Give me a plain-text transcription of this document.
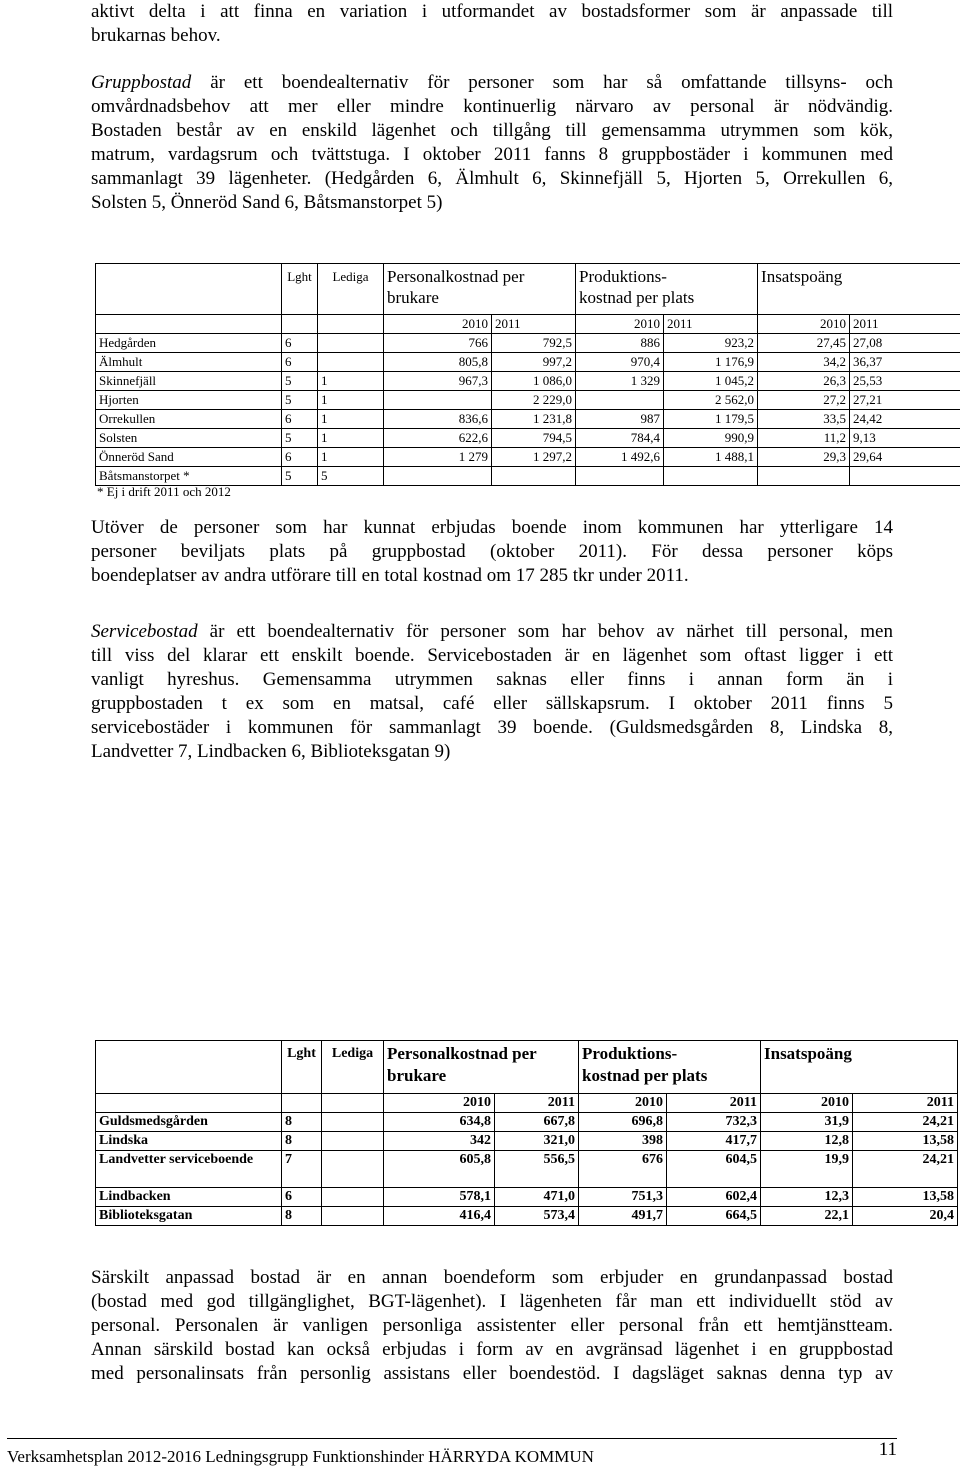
aktivt delta i att finna en variation i utformandet av bostadsformer som är anpassade till
brukarnas behov.
Gruppbostad är ett boendealternativ för personer som har så omfattande tillsyns- och
omvårdnadsbehov att mer eller mindre kontinuerlig närvaro av personal är nödvändig.
Bostaden består av en enskild lägenhet och tillgång till gemensamma utrymmen som kök,
matrum, vardagsrum och tvättstuga. I oktober 2011 fanns 8 gruppbostäder i kommunen med
sammanlagt 39 lägenheter. (Hedgården 6, Älmhult 6, Skinnefjäll 5, Hjorten 5, Orrekullen 6,
Solsten 5, Önneröd Sand 6, Båtsmanstorpet 5)
	Lght	Lediga	Personalkostnad per
brukare		Produktions-
kostnad per plats		Insatspoäng	
			2010	2011	2010	2011	2010	2011
Hedgården	6		766	792,5	886	923,2	27,45	27,08
Älmhult	6		805,8	997,2	970,4	1 176,9	34,2	36,37
Skinnefjäll	5	1	967,3	1 086,0	1 329	1 045,2	26,3	25,53
Hjorten	5	1		2 229,0		2 562,0	27,2	27,21
Orrekullen	6	1	836,6	1 231,8	987	1 179,5	33,5	24,42
Solsten	5	1	622,6	794,5	784,4	990,9	11,2	9,13
Önneröd Sand	6	1	1 279	1 297,2	1 492,6	1 488,1	29,3	29,64
Båtsmanstorpet *	5	5						
* Ej i drift 2011 och 2012
Utöver de personer som har kunnat erbjudas boende inom kommunen har ytterligare 14
personer beviljats plats på gruppbostad (oktober 2011). För dessa personer köps
boendeplatser av andra utförare till en total kostnad om 17 285 tkr under 2011.
Servicebostad är ett boendealternativ för personer som har behov av närhet till personal, men
till viss del klarar ett enskilt boende. Servicebostaden är en lägenhet som oftast ligger i ett
vanligt hyreshus. Gemensamma utrymmen saknas eller finns i annan form än i
gruppbostaden t ex som en matsal, café eller sällskapsrum. I oktober 2011 finns 5
servicebostäder i kommunen för sammanlagt 39 boende. (Guldsmedsgården 8, Lindska 8,
Landvetter 7, Lindbacken 6, Biblioteksgatan 9)
	Lght	Lediga	Personalkostnad per
brukare		Produktions-
kostnad per plats		Insatspoäng	
			2010	2011	2010	2011	2010	2011
Guldsmedsgården	8		634,8	667,8	696,8	732,3	31,9	24,21
Lindska	8		342	321,0	398	417,7	12,8	13,58
Landvetter serviceboende	7		605,8	556,5	676	604,5	19,9	24,21
Lindbacken	6		578,1	471,0	751,3	602,4	12,3	13,58
Biblioteksgatan	8		416,4	573,4	491,7	664,5	22,1	20,4
Särskilt anpassad bostad är en annan boendeform som erbjuder en grundanpassad bostad
(bostad med god tillgänglighet, BGT-lägenhet). I lägenheten får man ett individuellt stöd av
personal. Personalen är vanligen personliga assistenter eller personal från ett hemtjänstteam.
Annan särskild bostad kan också erbjudas i form av en avgränsad lägenhet i en gruppbostad
med personalinsats från personlig assistans eller boendestöd. I dagsläget saknas denna typ av
Verksamhetsplan 2012-2016 Ledningsgrupp Funktionshinder HÄRRYDA KOMMUN	11
